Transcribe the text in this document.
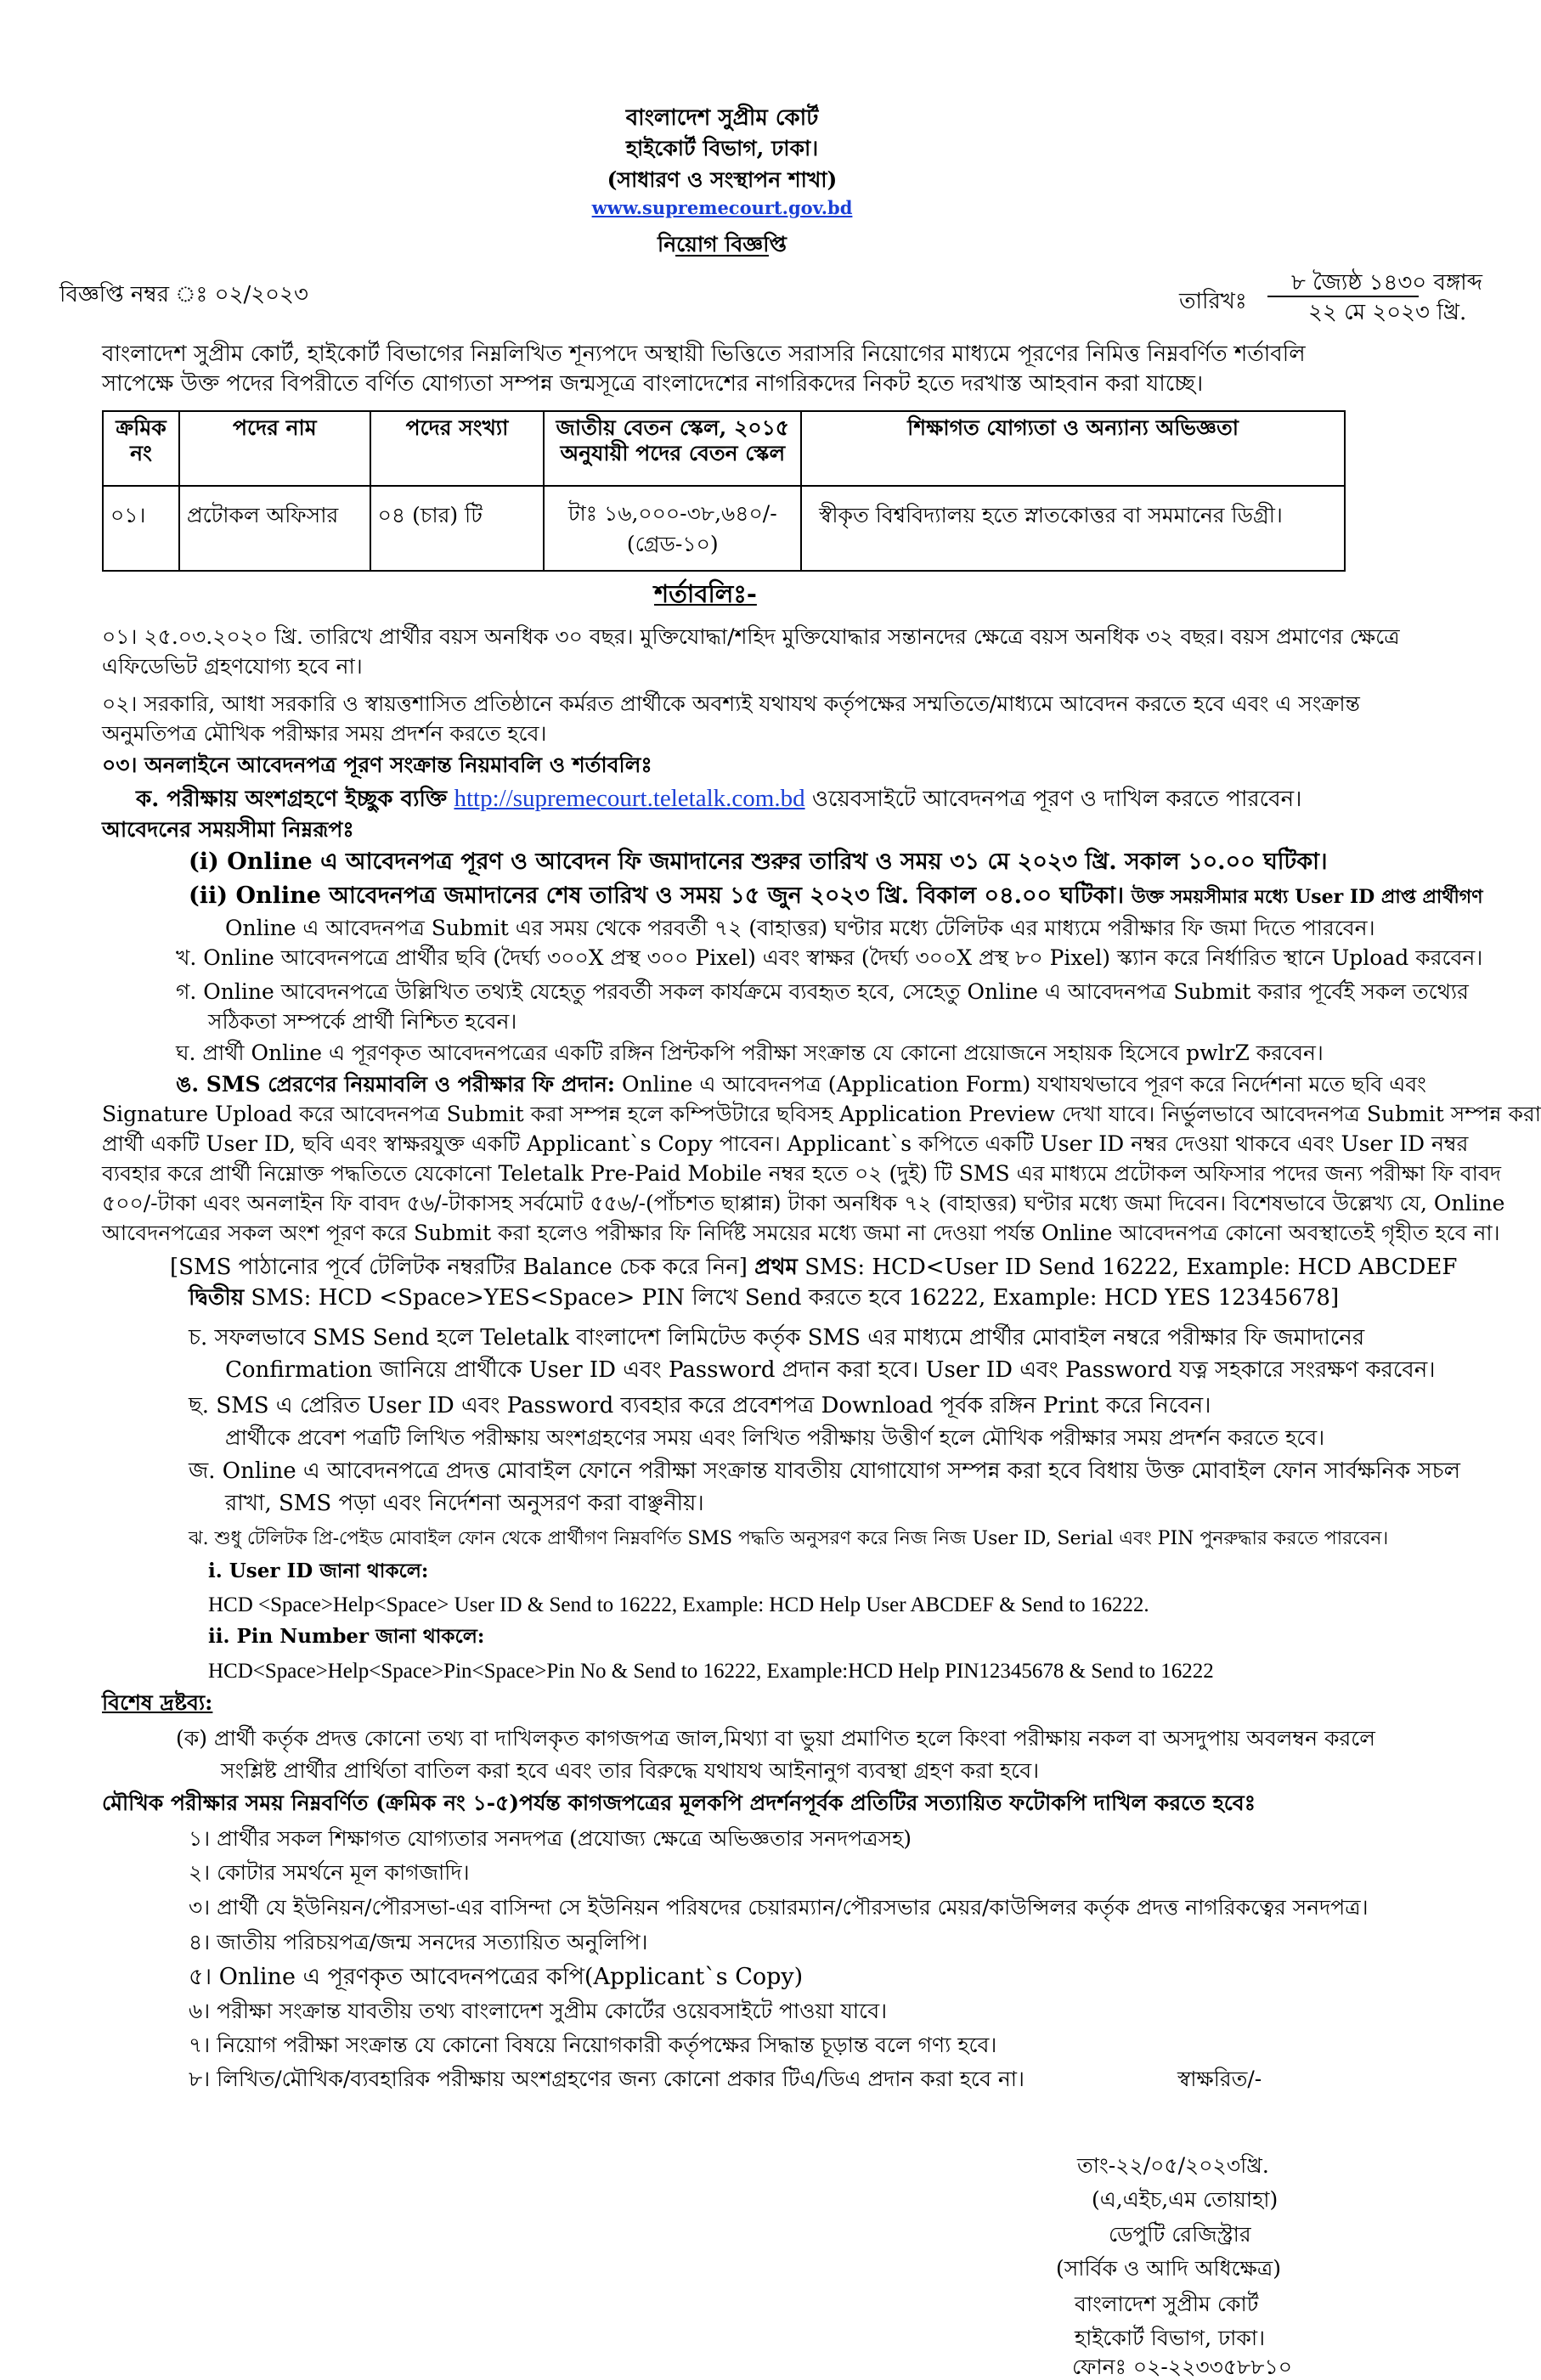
বাংলাদেশ সুপ্রীম কোর্ট
হাইকোর্ট বিভাগ, ঢাকা।
(সাধারণ ও সংস্থাপন শাখা)
www.supremecourt.gov.bd
নিয়োগ বিজ্ঞপ্তি
বিজ্ঞপ্তি নম্বর ঃ ০২/২০২৩	তারিখঃ
৮ জ্যৈষ্ঠ ১৪৩০ বঙ্গাব্দ
২২ মে ২০২৩ খ্রি.
বাংলাদেশ সুপ্রীম কোর্ট, হাইকোর্ট বিভাগের নিম্নলিখিত শূন্যপদে অস্থায়ী ভিত্তিতে সরাসরি নিয়োগের মাধ্যমে পূরণের নিমিত্ত নিম্নবর্ণিত শর্তাবলি
সাপেক্ষে উক্ত পদের বিপরীতে বর্ণিত যোগ্যতা সম্পন্ন জন্মসূত্রে বাংলাদেশের নাগরিকদের নিকট হতে দরখাস্ত আহবান করা যাচ্ছে।
ক্রমিক নং	পদের নাম	পদের সংখ্যা	জাতীয় বেতন স্কেল, ২০১৫ অনুযায়ী পদের বেতন স্কেল	শিক্ষাগত যোগ্যতা ও অন্যান্য অভিজ্ঞতা
০১।	প্রটোকল অফিসার	০৪ (চার) টি	টাঃ ১৬,০০০-৩৮,৬৪০/- (গ্রেড-১০)	স্বীকৃত বিশ্ববিদ্যালয় হতে স্নাতকোত্তর বা সমমানের ডিগ্রী।
শর্তাবলিঃ-
০১। ২৫.০৩.২০২০ খ্রি. তারিখে প্রার্থীর বয়স অনধিক ৩০ বছর। মুক্তিযোদ্ধা/শহিদ মুক্তিযোদ্ধার সন্তানদের ক্ষেত্রে বয়স অনধিক ৩২ বছর। বয়স প্রমাণের ক্ষেত্রে
এফিডেভিট গ্রহণযোগ্য হবে না।
০২। সরকারি, আধা সরকারি ও স্বায়ত্তশাসিত প্রতিষ্ঠানে কর্মরত প্রার্থীকে অবশ্যই যথাযথ কর্তৃপক্ষের সম্মতিতে/মাধ্যমে আবেদন করতে হবে এবং এ সংক্রান্ত
অনুমতিপত্র মৌখিক পরীক্ষার সময় প্রদর্শন করতে হবে।
০৩। অনলাইনে আবেদনপত্র পূরণ সংক্রান্ত নিয়মাবলি ও শর্তাবলিঃ
ক. পরীক্ষায় অংশগ্রহণে ইচ্ছুক ব্যক্তি http://supremecourt.teletalk.com.bd ওয়েবসাইটে আবেদনপত্র পূরণ ও দাখিল করতে পারবেন।
আবেদনের সময়সীমা নিম্নরূপঃ
(i) Online এ আবেদনপত্র পূরণ ও আবেদন ফি জমাদানের শুরুর তারিখ ও সময় ৩১ মে ২০২৩ খ্রি. সকাল ১০.০০ ঘটিকা।
(ii) Online আবেদনপত্র জমাদানের শেষ তারিখ ও সময় ১৫ জুন ২০২৩ খ্রি. বিকাল ০৪.০০ ঘটিকা। উক্ত সময়সীমার মধ্যে User ID প্রাপ্ত প্রার্থীগণ
Online এ আবেদনপত্র Submit এর সময় থেকে পরবর্তী ৭২ (বাহাত্তর) ঘণ্টার মধ্যে টেলিটক এর মাধ্যমে পরীক্ষার ফি জমা দিতে পারবেন।
খ. Online আবেদনপত্রে প্রার্থীর ছবি (দৈর্ঘ্য ৩০০X প্রস্থ ৩০০ Pixel) এবং স্বাক্ষর (দৈর্ঘ্য ৩০০X প্রস্থ ৮০ Pixel) স্ক্যান করে নির্ধারিত স্থানে Upload করবেন।
গ. Online আবেদনপত্রে উল্লিখিত তথ্যই যেহেতু পরবর্তী সকল কার্যক্রমে ব্যবহৃত হবে, সেহেতু Online এ আবেদনপত্র Submit করার পূর্বেই সকল তথ্যের
সঠিকতা সম্পর্কে প্রার্থী নিশ্চিত হবেন।
ঘ. প্রার্থী Online এ পূরণকৃত আবেদনপত্রের একটি রঙ্গিন প্রিন্টকপি পরীক্ষা সংক্রান্ত যে কোনো প্রয়োজনে সহায়ক হিসেবে pwlrZ করবেন।
ঙ. SMS প্রেরণের নিয়মাবলি ও পরীক্ষার ফি প্রদান: Online এ আবেদনপত্র (Application Form) যথাযথভাবে পূরণ করে নির্দেশনা মতে ছবি এবং
Signature Upload করে আবেদনপত্র Submit করা সম্পন্ন হলে কম্পিউটারে ছবিসহ Application Preview দেখা যাবে। নির্ভুলভাবে আবেদনপত্র Submit সম্পন্ন করা
প্রার্থী একটি User ID, ছবি এবং স্বাক্ষরযুক্ত একটি Applicant`s Copy পাবেন। Applicant`s কপিতে একটি User ID নম্বর দেওয়া থাকবে এবং User ID নম্বর
ব্যবহার করে প্রার্থী নিম্নোক্ত পদ্ধতিতে যেকোনো Teletalk Pre-Paid Mobile নম্বর হতে ০২ (দুই) টি SMS এর মাধ্যমে প্রটোকল অফিসার পদের জন্য পরীক্ষা ফি বাবদ
৫০০/-টাকা এবং অনলাইন ফি বাবদ ৫৬/-টাকাসহ সর্বমোট ৫৫৬/-(পাঁচশত ছাপ্পান্ন) টাকা অনধিক ৭২ (বাহাত্তর) ঘণ্টার মধ্যে জমা দিবেন। বিশেষভাবে উল্লেখ্য যে, Online
আবেদনপত্রের সকল অংশ পূরণ করে Submit করা হলেও পরীক্ষার ফি নির্দিষ্ট সময়ের মধ্যে জমা না দেওয়া পর্যন্ত Online আবেদনপত্র কোনো অবস্থাতেই গৃহীত হবে না।
[SMS পাঠানোর পূর্বে টেলিটক নম্বরটির Balance চেক করে নিন] প্রথম SMS: HCD<User ID Send 16222, Example: HCD ABCDEF
দ্বিতীয় SMS: HCD <Space>YES<Space> PIN লিখে Send করতে হবে 16222, Example: HCD YES 12345678]
চ. সফলভাবে SMS Send হলে Teletalk বাংলাদেশ লিমিটেড কর্তৃক SMS এর মাধ্যমে প্রার্থীর মোবাইল নম্বরে পরীক্ষার ফি জমাদানের
Confirmation জানিয়ে প্রার্থীকে User ID এবং Password প্রদান করা হবে। User ID এবং Password যত্ন সহকারে সংরক্ষণ করবেন।
ছ. SMS এ প্রেরিত User ID এবং Password ব্যবহার করে প্রবেশপত্র Download পূর্বক রঙ্গিন Print করে নিবেন।
প্রার্থীকে প্রবেশ পত্রটি লিখিত পরীক্ষায় অংশগ্রহণের সময় এবং লিখিত পরীক্ষায় উত্তীর্ণ হলে মৌখিক পরীক্ষার সময় প্রদর্শন করতে হবে।
জ. Online এ আবেদনপত্রে প্রদত্ত মোবাইল ফোনে পরীক্ষা সংক্রান্ত যাবতীয় যোগাযোগ সম্পন্ন করা হবে বিধায় উক্ত মোবাইল ফোন সার্বক্ষনিক সচল
রাখা, SMS পড়া এবং নির্দেশনা অনুসরণ করা বাঞ্ছনীয়।
ঝ. শুধু টেলিটক প্রি-পেইড মোবাইল ফোন থেকে প্রার্থীগণ নিম্নবর্ণিত SMS পদ্ধতি অনুসরণ করে নিজ নিজ User ID, Serial এবং PIN পুনরুদ্ধার করতে পারবেন।
i. User ID জানা থাকলে:
HCD <Space>Help<Space> User ID & Send to 16222, Example: HCD Help User ABCDEF & Send to 16222.
ii. Pin Number জানা থাকলে:
HCD<Space>Help<Space>Pin<Space>Pin No & Send to 16222, Example:HCD Help PIN12345678 & Send to 16222
বিশেষ দ্রষ্টব্য:
(ক) প্রার্থী কর্তৃক প্রদত্ত কোনো তথ্য বা দাখিলকৃত কাগজপত্র জাল,মিথ্যা বা ভুয়া প্রমাণিত হলে কিংবা পরীক্ষায় নকল বা অসদুপায় অবলম্বন করলে
সংশ্লিষ্ট প্রার্থীর প্রার্থিতা বাতিল করা হবে এবং তার বিরুদ্ধে যথাযথ আইনানুগ ব্যবস্থা গ্রহণ করা হবে।
মৌখিক পরীক্ষার সময় নিম্নবর্ণিত (ক্রমিক নং ১-৫)পর্যন্ত কাগজপত্রের মূলকপি প্রদর্শনপূর্বক প্রতিটির সত্যায়িত ফটোকপি দাখিল করতে হবেঃ
১। প্রার্থীর সকল শিক্ষাগত যোগ্যতার সনদপত্র (প্রযোজ্য ক্ষেত্রে অভিজ্ঞতার সনদপত্রসহ)
২। কোটার সমর্থনে মূল কাগজাদি।
৩। প্রার্থী যে ইউনিয়ন/পৌরসভা-এর বাসিন্দা সে ইউনিয়ন পরিষদের চেয়ারম্যান/পৌরসভার মেয়র/কাউন্সিলর কর্তৃক প্রদত্ত নাগরিকত্বের সনদপত্র।
৪। জাতীয় পরিচয়পত্র/জন্ম সনদের সত্যায়িত অনুলিপি।
৫। Online এ পূরণকৃত আবেদনপত্রের কপি(Applicant`s Copy)
৬। পরীক্ষা সংক্রান্ত যাবতীয় তথ্য বাংলাদেশ সুপ্রীম কোর্টের ওয়েবসাইটে পাওয়া যাবে।
৭। নিয়োগ পরীক্ষা সংক্রান্ত যে কোনো বিষয়ে নিয়োগকারী কর্তৃপক্ষের সিদ্ধান্ত চূড়ান্ত বলে গণ্য হবে।
৮। লিখিত/মৌখিক/ব্যবহারিক পরীক্ষায় অংশগ্রহণের জন্য কোনো প্রকার টিএ/ডিএ প্রদান করা হবে না।	স্বাক্ষরিত/-
তাং-২২/০৫/২০২৩খ্রি.
(এ,এইচ,এম তোয়াহা)
ডেপুটি রেজিস্ট্রার
(সার্বিক ও আদি অধিক্ষেত্র)
বাংলাদেশ সুপ্রীম কোর্ট
হাইকোর্ট বিভাগ, ঢাকা।
ফোনঃ ০২-২২৩৩৫৮৮১০
